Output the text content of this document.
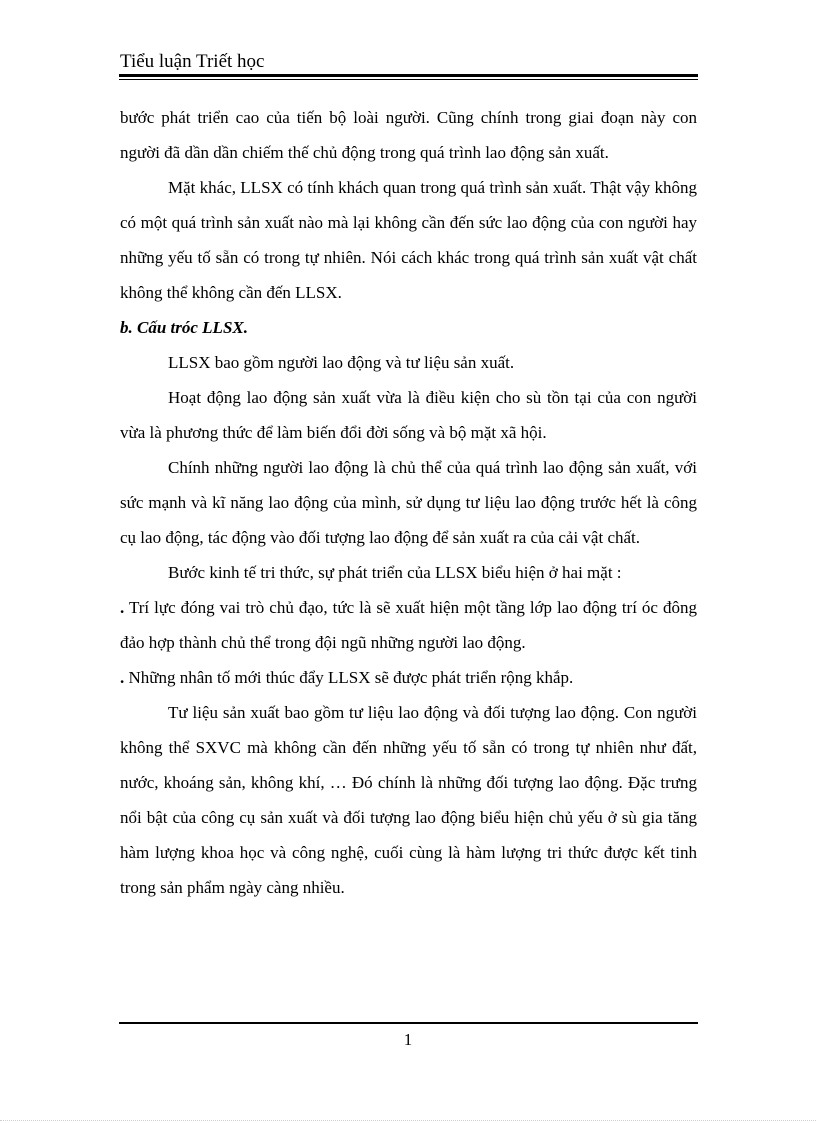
Tiểu luận Triết học

bước phát triển cao của tiến bộ loài người. Cũng chính trong giai đoạn này con người đã dần dần chiếm thế chủ động trong quá trình lao động sản xuất.

Mặt khác, LLSX có tính khách quan trong quá trình sản xuất. Thật vậy không có một quá trình sản xuất nào mà lại không cần đến sức lao động của con người hay những yếu tố sẵn có trong tự nhiên. Nói cách khác trong quá trình sản xuất vật chất không thể không cần đến LLSX.

b. Cấu tróc LLSX.

LLSX bao gồm người lao động và tư liệu sản xuất.

Hoạt động lao động sản xuất vừa là điều kiện cho sù tồn tại của con người vừa là phương thức để làm biến đổi đời sống và bộ mặt xã hội.

Chính những người lao động là chủ thể của quá trình lao động sản xuất, với sức mạnh và kĩ năng lao động của mình, sử dụng tư liệu lao động trước hết là công cụ lao động, tác động vào đối tượng lao động để sản xuất ra của cải vật chất.

Bước kinh tế tri thức, sự phát triển của LLSX biểu hiện ở hai mặt :

. Trí lực đóng vai trò chủ đạo, tức là sẽ xuất hiện một tầng lớp lao động trí óc đông đảo hợp thành chủ thể trong đội ngũ những người lao động.

. Những nhân tố mới thúc đẩy LLSX sẽ được phát triển rộng khắp.

Tư liệu sản xuất bao gồm tư liệu lao động và đối tượng lao động. Con người không thể SXVC mà không cần đến những yếu tố sẵn có trong tự nhiên như đất, nước, khoáng sản, không khí, … Đó chính là những đối tượng lao động. Đặc trưng nổi bật của công cụ sản xuất và đối tượng lao động biểu hiện chủ yếu ở sù gia tăng hàm lượng khoa học và công nghệ, cuối cùng là hàm lượng tri thức được kết tinh trong sản phẩm ngày càng nhiều.

1
